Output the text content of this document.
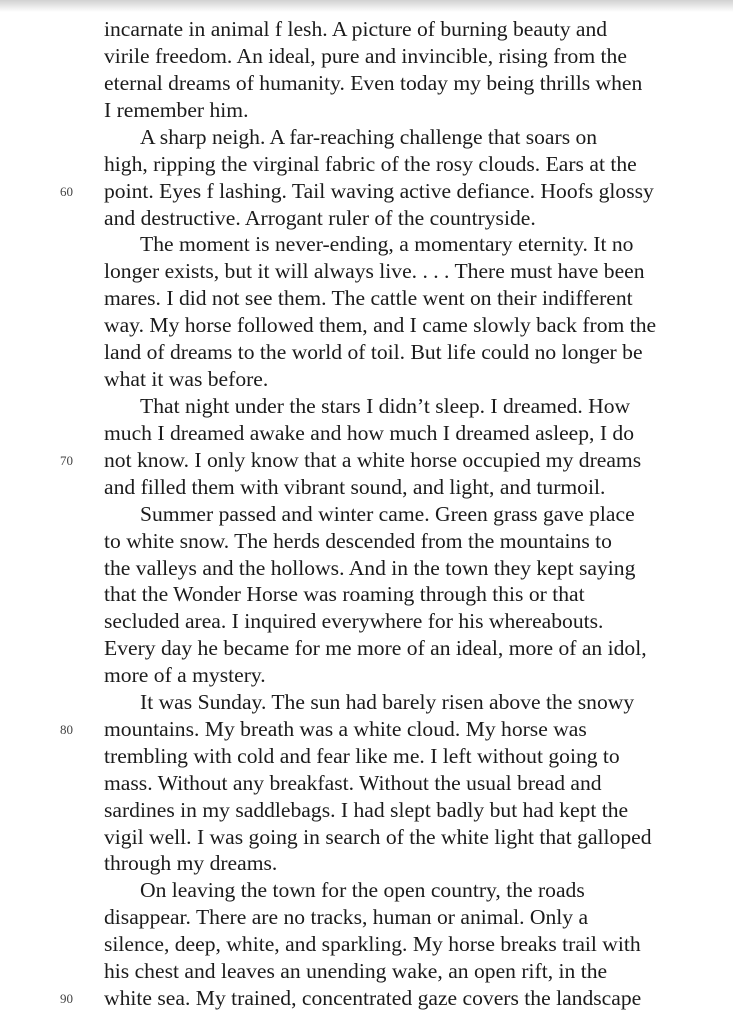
incarnate in animal f lesh. A picture of burning beauty and
virile freedom. An ideal, pure and invincible, rising from the
eternal dreams of humanity. Even today my being thrills when
I remember him.
A sharp neigh. A far-reaching challenge that soars on
high, ripping the virginal fabric of the rosy clouds. Ears at the
60	point. Eyes f lashing. Tail waving active defiance. Hoofs glossy
and destructive. Arrogant ruler of the countryside.
The moment is never-ending, a momentary eternity. It no
longer exists, but it will always live. . . . There must have been
mares. I did not see them. The cattle went on their indifferent
way. My horse followed them, and I came slowly back from the
land of dreams to the world of toil. But life could no longer be
what it was before.
That night under the stars I didn’t sleep. I dreamed. How
much I dreamed awake and how much I dreamed asleep, I do
70	not know. I only know that a white horse occupied my dreams
and filled them with vibrant sound, and light, and turmoil.
Summer passed and winter came. Green grass gave place
to white snow. The herds descended from the mountains to
the valleys and the hollows. And in the town they kept saying
that the Wonder Horse was roaming through this or that
secluded area. I inquired everywhere for his whereabouts.
Every day he became for me more of an ideal, more of an idol,
more of a mystery.
It was Sunday. The sun had barely risen above the snowy
80	mountains. My breath was a white cloud. My horse was
trembling with cold and fear like me. I left without going to
mass. Without any breakfast. Without the usual bread and
sardines in my saddlebags. I had slept badly but had kept the
vigil well. I was going in search of the white light that galloped
through my dreams.
On leaving the town for the open country, the roads
disappear. There are no tracks, human or animal. Only a
silence, deep, white, and sparkling. My horse breaks trail with
his chest and leaves an unending wake, an open rift, in the
90	white sea. My trained, concentrated gaze covers the landscape
